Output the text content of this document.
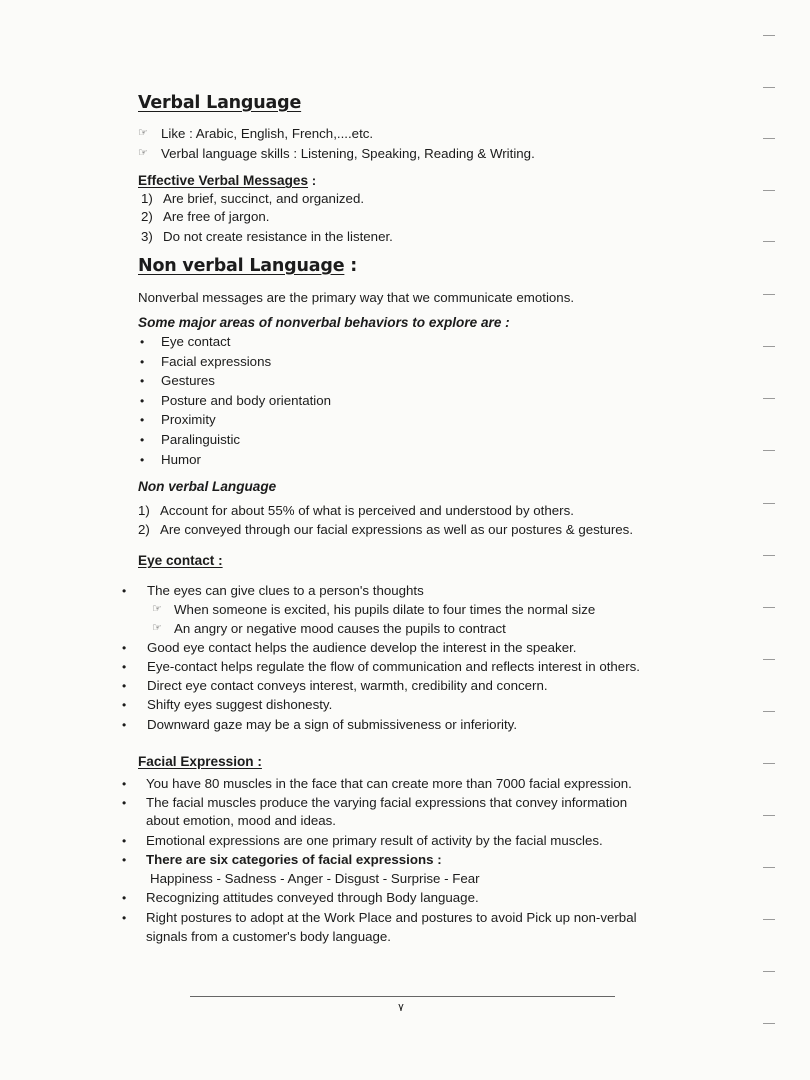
Verbal Language
☞ Like : Arabic, English, French,....etc.
☞ Verbal language skills : Listening, Speaking, Reading & Writing.
Effective Verbal Messages :
1) Are brief, succinct, and organized.
2) Are free of jargon.
3) Do not create resistance in the listener.
Non verbal Language :
Nonverbal messages are the primary way that we communicate emotions.
Some major areas of nonverbal behaviors to explore are :
• Eye contact
• Facial expressions
• Gestures
• Posture and body orientation
• Proximity
• Paralinguistic
• Humor
Non verbal Language
1) Account for about 55% of what is perceived and understood by others.
2) Are conveyed through our facial expressions as well as our postures & gestures.
Eye contact :
• The eyes can give clues to a person's thoughts
☞ When someone is excited, his pupils dilate to four times the normal size
☞ An angry or negative mood causes the pupils to contract
• Good eye contact helps the audience develop the interest in the speaker.
• Eye-contact helps regulate the flow of communication and reflects interest in others.
• Direct eye contact conveys interest, warmth, credibility and concern.
• Shifty eyes suggest dishonesty.
• Downward gaze may be a sign of submissiveness or inferiority.
Facial Expression :
• You have 80 muscles in the face that can create more than 7000 facial expression.
• The facial muscles produce the varying facial expressions that convey information
about emotion, mood and ideas.
• Emotional expressions are one primary result of activity by the facial muscles.
• There are six categories of facial expressions :
Happiness - Sadness - Anger - Disgust - Surprise - Fear
• Recognizing attitudes conveyed through Body language.
• Right postures to adopt at the Work Place and postures to avoid Pick up non-verbal
signals from a customer's body language.
٧
